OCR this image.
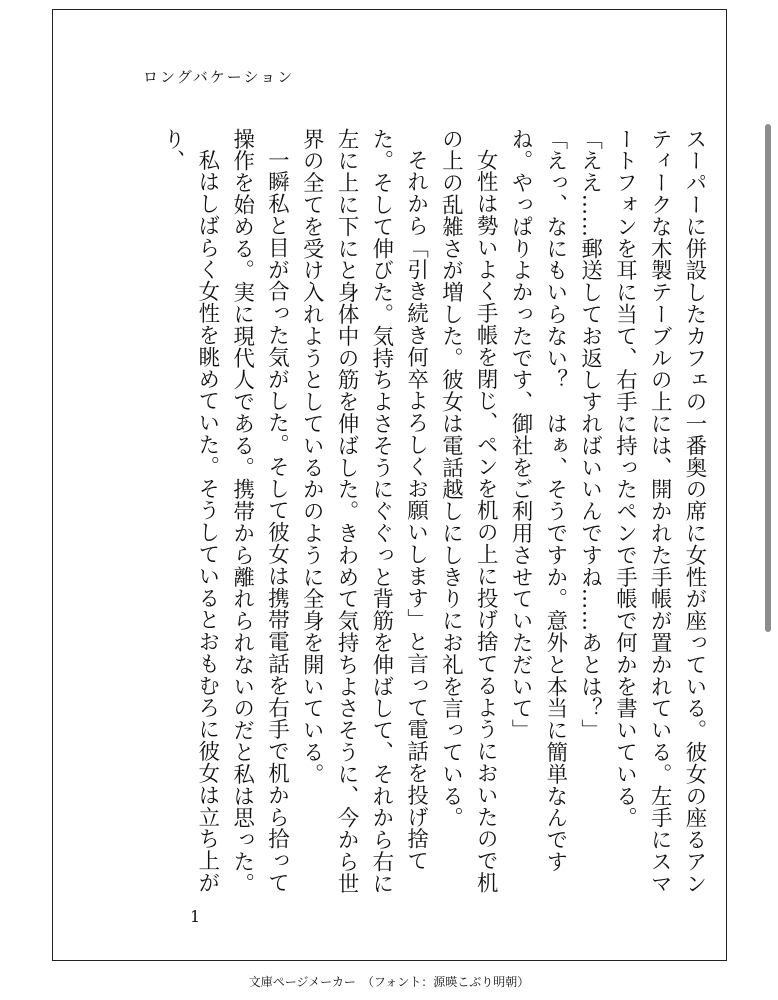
ロングバケーション

スーパーに併設したカフェの一番奥の席に女性が座っている。彼女の座るアンティークな木製テーブルの上には、開かれた手帳が置かれている。左手にスマートフォンを耳に当て、右手に持ったペンで手帳で何かを書いている。

「ええ……郵送してお返しすればいいんですね……あとは？」

「えっ、なにもいらない？　はぁ、そうですか。意外と本当に簡単なんですね。やっぱりよかったです、御社をご利用させていただいて」

女性は勢いよく手帳を閉じ、ペンを机の上に投げ捨てるようにおいたので机の上の乱雑さが増した。彼女は電話越しにしきりにお礼を言っている。

それから「引き続き何卒よろしくお願いします」と言って電話を投げ捨てた。そして伸びた。気持ちよさそうにぐぐっと背筋を伸ばして、それから右に左に上に下にと身体中の筋を伸ばした。きわめて気持ちよさそうに、今から世界の全てを受け入れようとしているかのように全身を開いている。

一瞬私と目が合った気がした。そして彼女は携帯電話を右手で机から拾って操作を始める。実に現代人である。携帯から離れられないのだと私は思った。

私はしばらく女性を眺めていた。そうしているとおもむろに彼女は立ち上がり、

1
文庫ページメーカー　（フォント：源暎こぶり明朝）
